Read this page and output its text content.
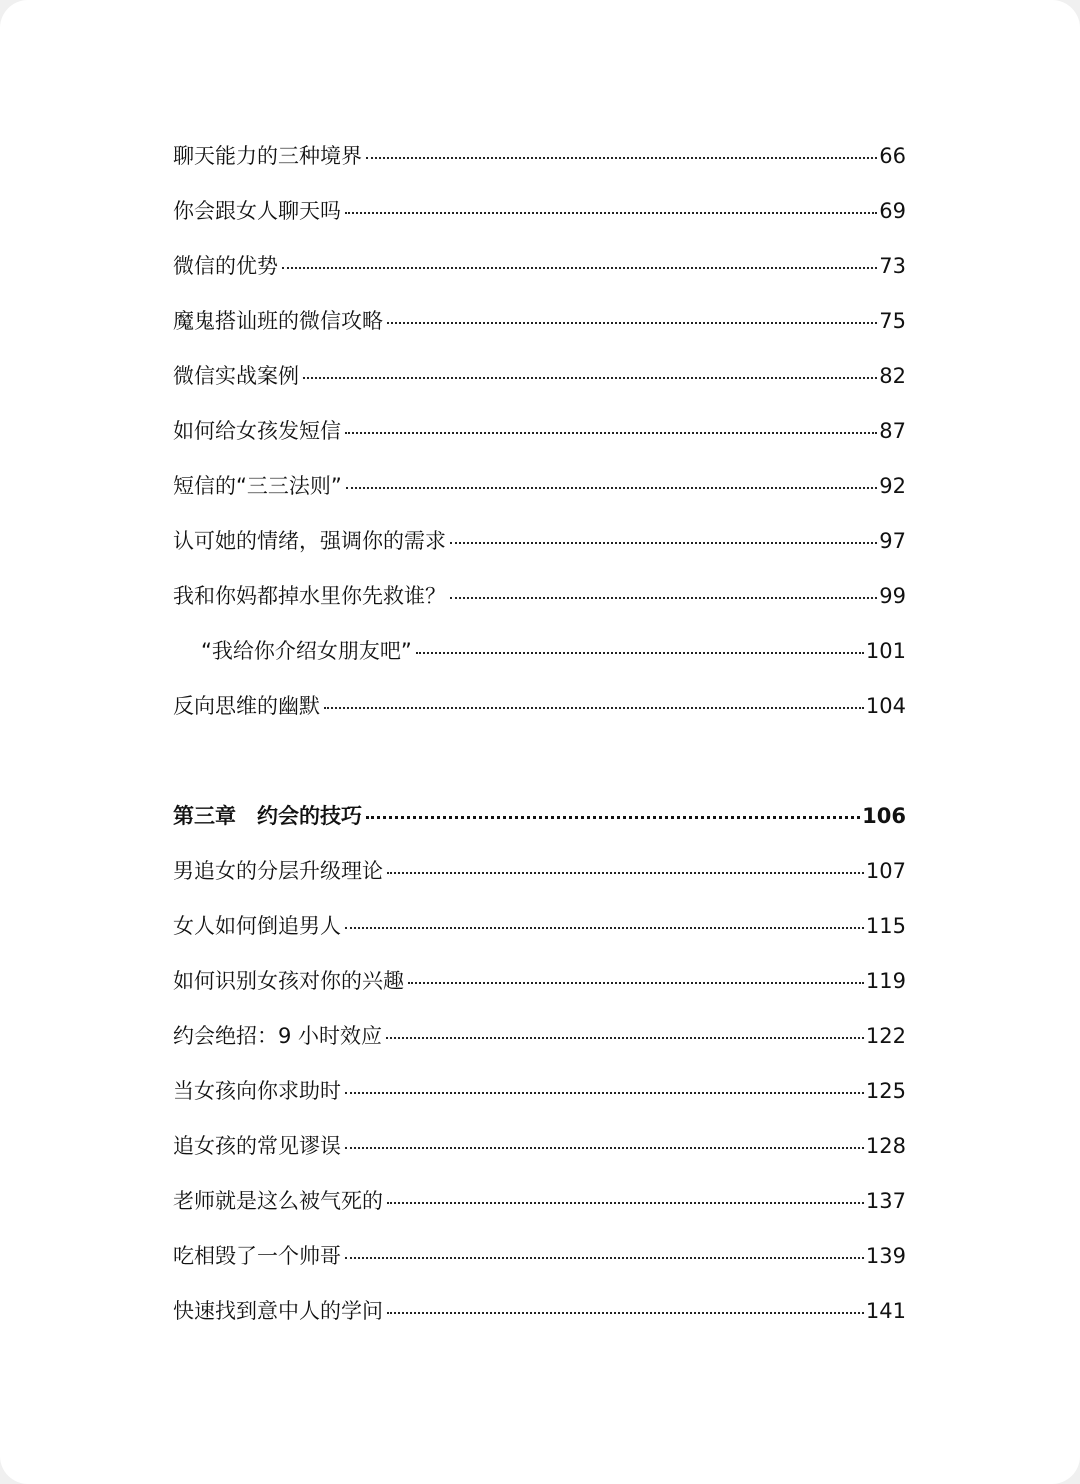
聊天能力的三种境界	66
你会跟女人聊天吗	69
微信的优势	73
魔鬼搭讪班的微信攻略	75
微信实战案例	82
如何给女孩发短信	87
短信的“三三法则”	92
认可她的情绪，强调你的需求	97
我和你妈都掉水里你先救谁？	99
“我给你介绍女朋友吧”	101
反向思维的幽默	104
第三章　约会的技巧	106
男追女的分层升级理论	107
女人如何倒追男人	115
如何识别女孩对你的兴趣	119
约会绝招：9 小时效应	122
当女孩向你求助时	125
追女孩的常见谬误	128
老师就是这么被气死的	137
吃相毁了一个帅哥	139
快速找到意中人的学问	141
